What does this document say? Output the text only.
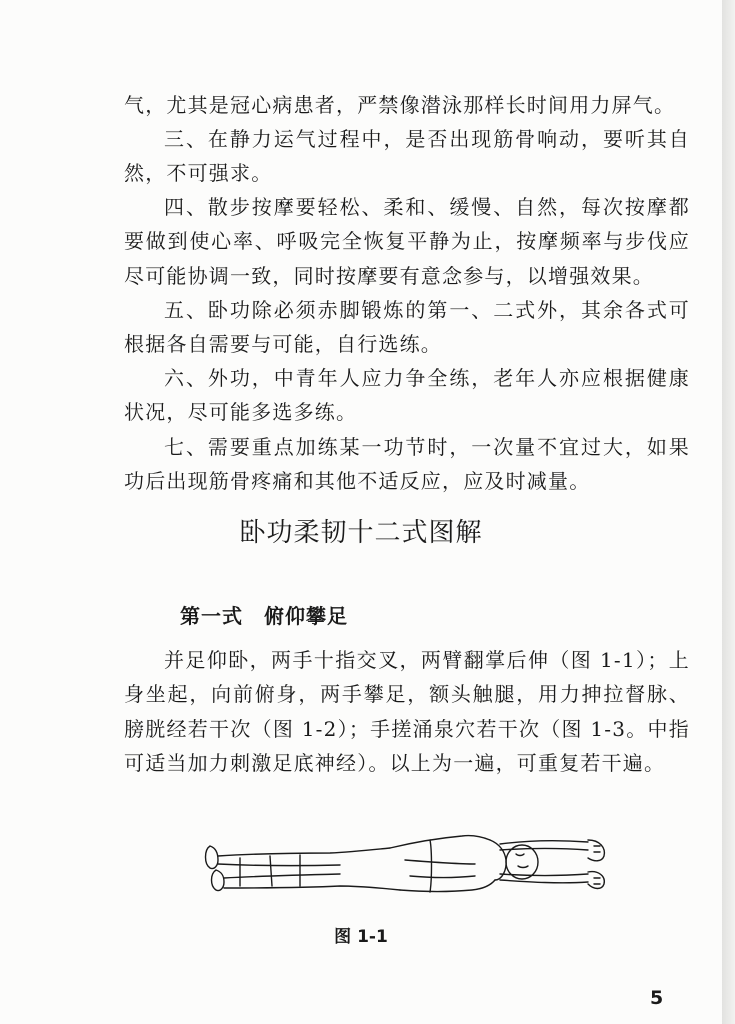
气，尤其是冠心病患者，严禁像潜泳那样长时间用力屏气。

三、在静力运气过程中，是否出现筋骨响动，要听其自然，不可强求。

四、散步按摩要轻松、柔和、缓慢、自然，每次按摩都要做到使心率、呼吸完全恢复平静为止，按摩频率与步伐应尽可能协调一致，同时按摩要有意念参与，以增强效果。

五、卧功除必须赤脚锻炼的第一、二式外，其余各式可根据各自需要与可能，自行选练。

六、外功，中青年人应力争全练，老年人亦应根据健康状况，尽可能多选多练。

七、需要重点加练某一功节时，一次量不宜过大，如果功后出现筋骨疼痛和其他不适反应，应及时减量。

卧功柔韧十二式图解
第一式　俯仰攀足

并足仰卧，两手十指交叉，两臂翻掌后伸（图 1-1）；上身坐起，向前俯身，两手攀足，额头触腿，用力抻拉督脉、膀胱经若干次（图 1-2）；手搓涌泉穴若干次（图 1-3。中指可适当加力刺激足底神经）。以上为一遍，可重复若干遍。

图 1-1
5
